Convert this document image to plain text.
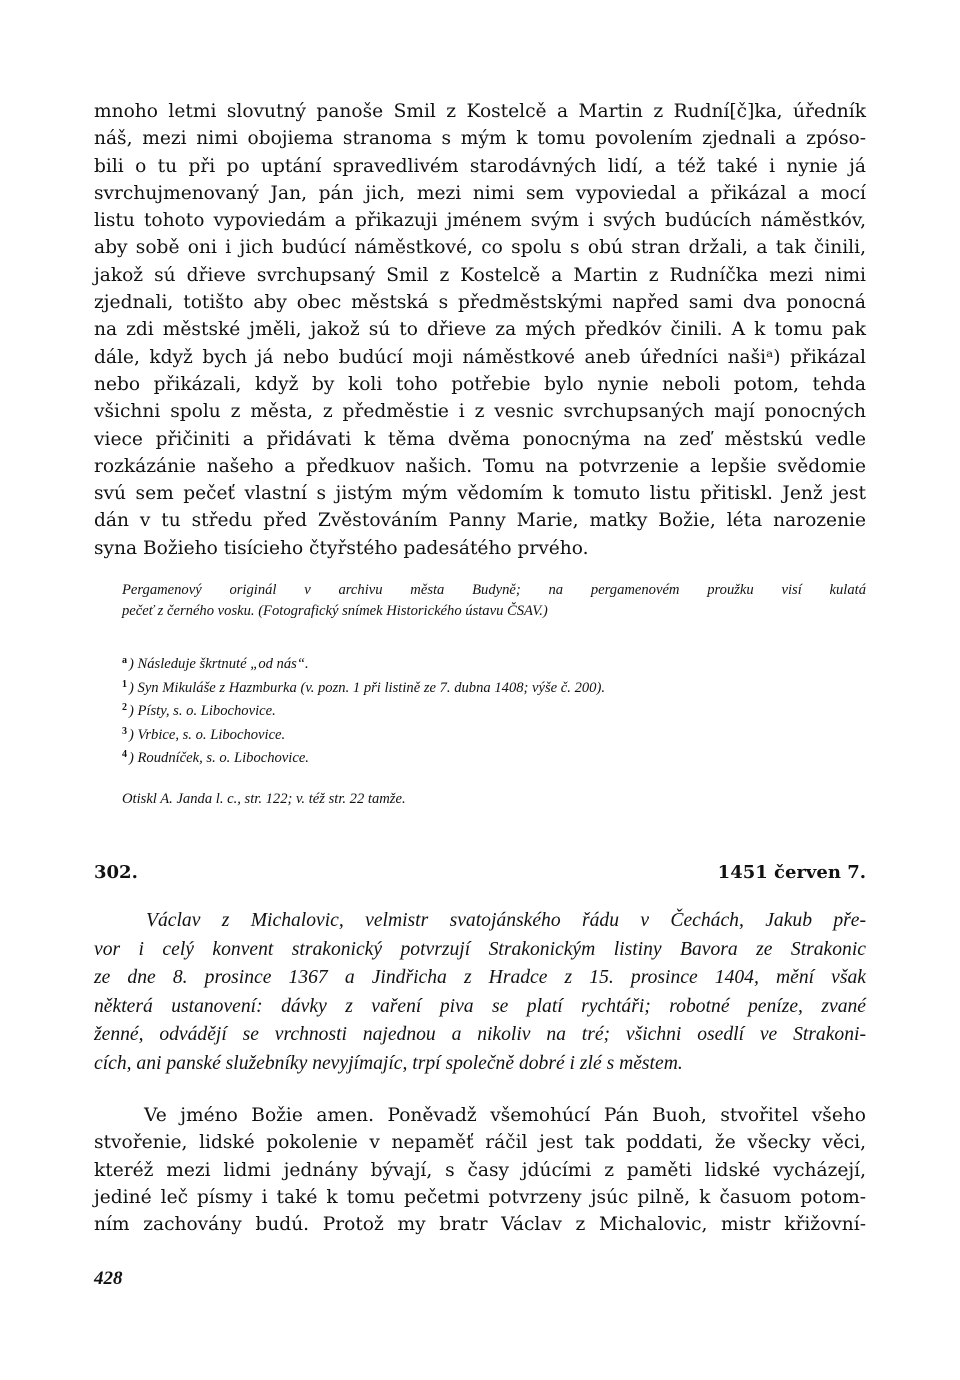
mnoho letmi slovutný panoše Smil z Kostelcě a Martin z Rudní[č]ka, úředník
náš, mezi nimi obojiema stranoma s mým k tomu povolením zjednali a zpóso-
bili o tu při po uptání spravedlivém starodávných lidí, a též také i nynie já
svrchujmenovaný Jan, pán jich, mezi nimi sem vypoviedal a přikázal a mocí
listu tohoto vypoviedám a přikazuji jménem svým i svých budúcích náměstkóv,
aby sobě oni i jich budúcí náměstkové, co spolu s obú stran držali, a tak činili,
jakož sú dřieve svrchupsaný Smil z Kostelcě a Martin z Rudníčka mezi nimi
zjednali, totišto aby obec městská s předměstskými napřed sami dva ponocná
na zdi městské jměli, jakož sú to dřieve za mých předkóv činili. A k tomu pak
dále, když bych já nebo budúcí moji náměstkové aneb úředníci našiᵃ) přikázal
nebo přikázali, když by koli toho potřebie bylo nynie neboli potom, tehda
všichni spolu z města, z předměstie i z vesnic svrchupsaných mají ponocných
viece přičiniti a přidávati k těma dvěma ponocnýma na zeď městskú vedle
rozkázánie našeho a předkuov našich. Tomu na potvrzenie a lepšie svědomie
svú sem pečeť vlastní s jistým mým vědomím k tomuto listu přitiskl. Jenž jest
dán v tu středu před Zvěstováním Panny Marie, matky Božie, léta narozenie
syna Božieho tisícieho čtyřstého padesátého prvého.
Pergamenový originál v archivu města Budyně; na pergamenovém proužku visí kulatá
pečeť z černého vosku. (Fotografický snímek Historického ústavu ČSAV.)
$^a$ ) Následuje škrtnuté „od nás“.
$^1$ ) Syn Mikuláše z Hazmburka (v. pozn. 1 při listině ze 7. dubna 1408; výše č. 200).
$^2$ ) Písty, s. o. Libochovice.
$^3$ ) Vrbice, s. o. Libochovice.
$^4$ ) Roudníček, s. o. Libochovice.
Otiskl A. Janda l. c., str. 122; v. též str. 22 tamže.
302.	1451 červen 7.
Václav z Michalovic, velmistr svatojánského řádu v Čechách, Jakub pře-
vor i celý konvent strakonický potvrzují Strakonickým listiny Bavora ze Strakonic
ze dne 8. prosince 1367 a Jindřicha z Hradce z 15. prosince 1404, mění však
některá ustanovení: dávky z vaření piva se platí rychtáři; robotné peníze, zvané
ženné, odvádějí se vrchnosti najednou a nikoliv na tré; všichni osedlí ve Strakoni-
cích, ani panské služebníky nevyjímajíc, trpí společně dobré i zlé s městem.
Ve jméno Božie amen. Poněvadž všemohúcí Pán Buoh, stvořitel všeho
stvořenie, lidské pokolenie v nepaměť ráčil jest tak poddati, že všecky věci,
kteréž mezi lidmi jednány bývají, s časy jdúcími z paměti lidské vycházejí,
jediné leč písmy i také k tomu pečetmi potvrzeny jsúc pilně, k časuom potom-
ním zachovány budú. Protož my bratr Václav z Michalovic, mistr křižovní-
428
